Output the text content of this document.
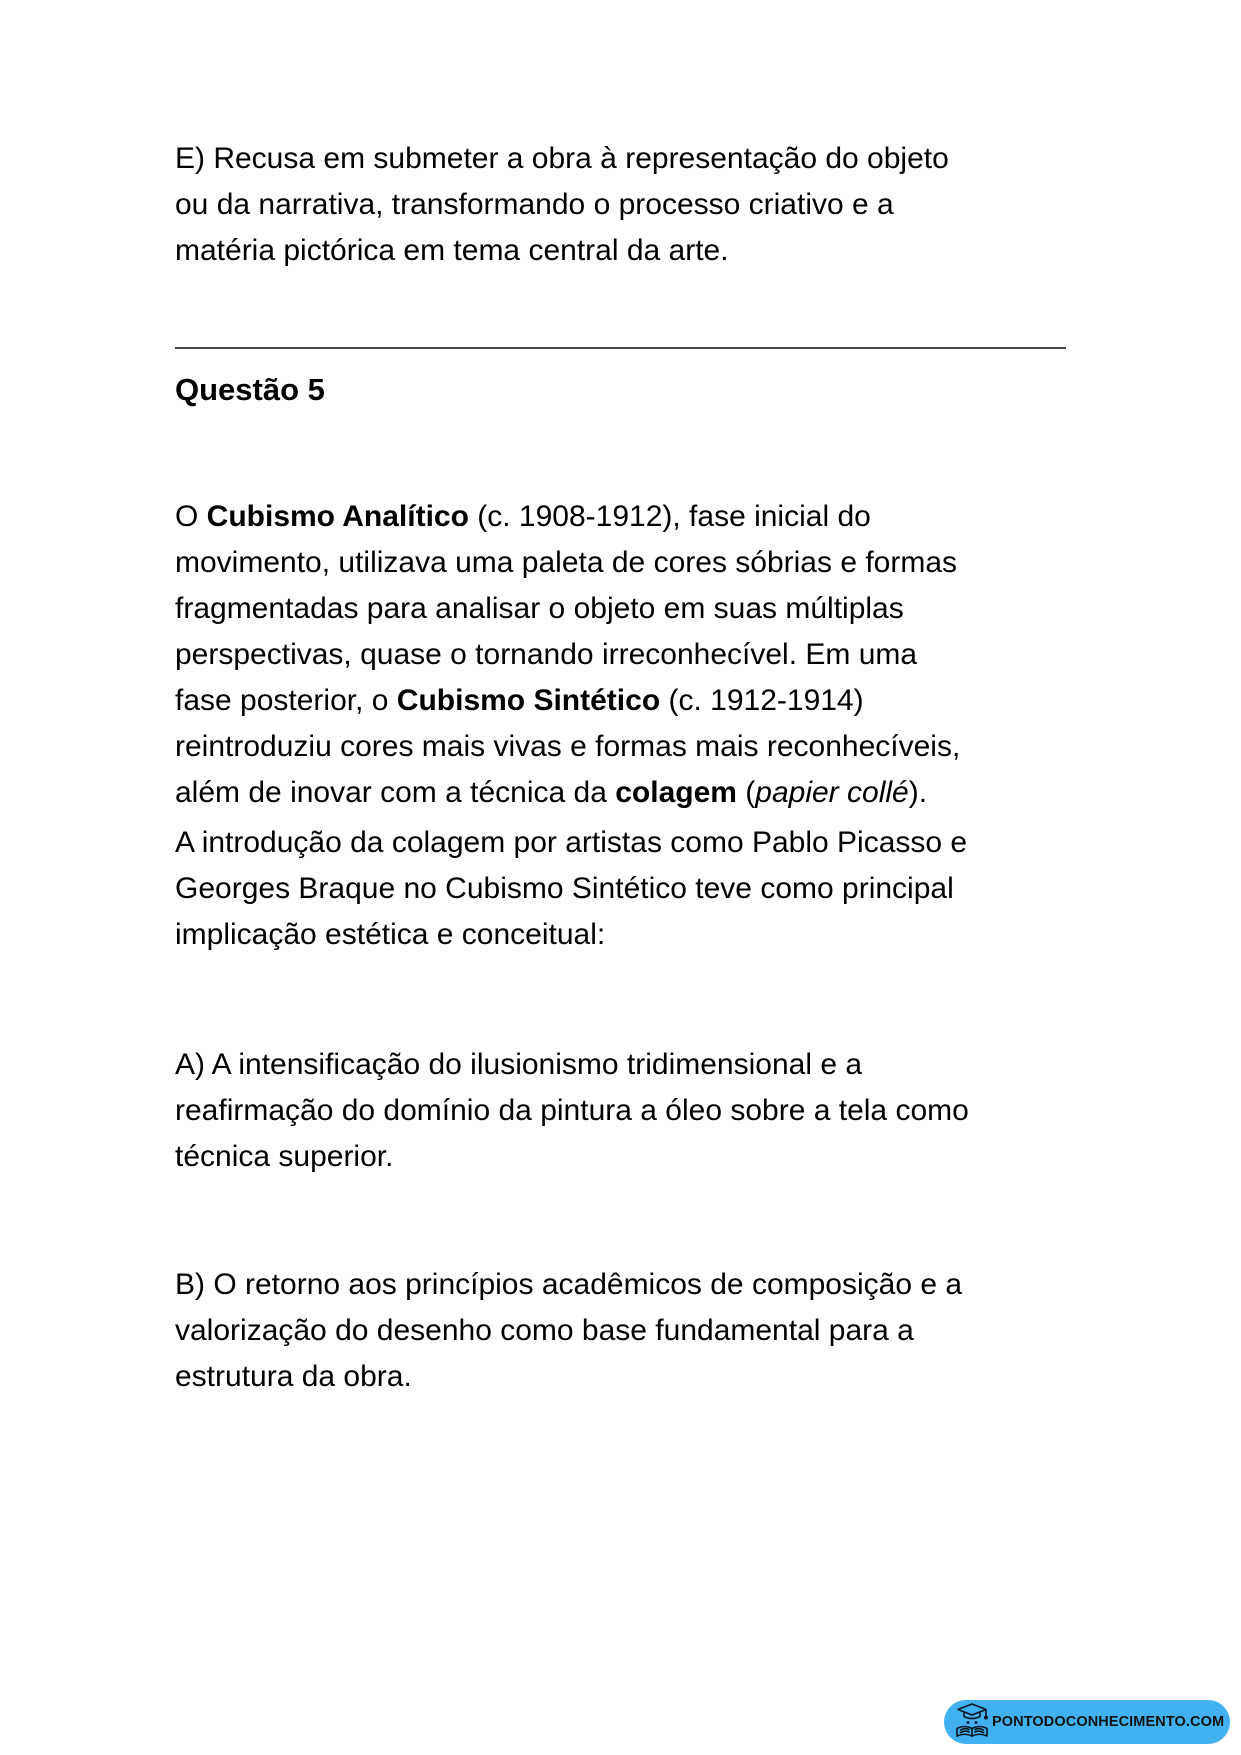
E) Recusa em submeter a obra à representação do objeto
ou da narrativa, transformando o processo criativo e a
matéria pictórica em tema central da arte.
Questão 5
O Cubismo Analítico (c. 1908-1912), fase inicial do
movimento, utilizava uma paleta de cores sóbrias e formas
fragmentadas para analisar o objeto em suas múltiplas
perspectivas, quase o tornando irreconhecível. Em uma
fase posterior, o Cubismo Sintético (c. 1912-1914)
reintroduziu cores mais vivas e formas mais reconhecíveis,
além de inovar com a técnica da colagem (papier collé).
A introdução da colagem por artistas como Pablo Picasso e
Georges Braque no Cubismo Sintético teve como principal
implicação estética e conceitual:
A) A intensificação do ilusionismo tridimensional e a
reafirmação do domínio da pintura a óleo sobre a tela como
técnica superior.
B) O retorno aos princípios acadêmicos de composição e a
valorização do desenho como base fundamental para a
estrutura da obra.
PONTODOCONHECIMENTO.COM
